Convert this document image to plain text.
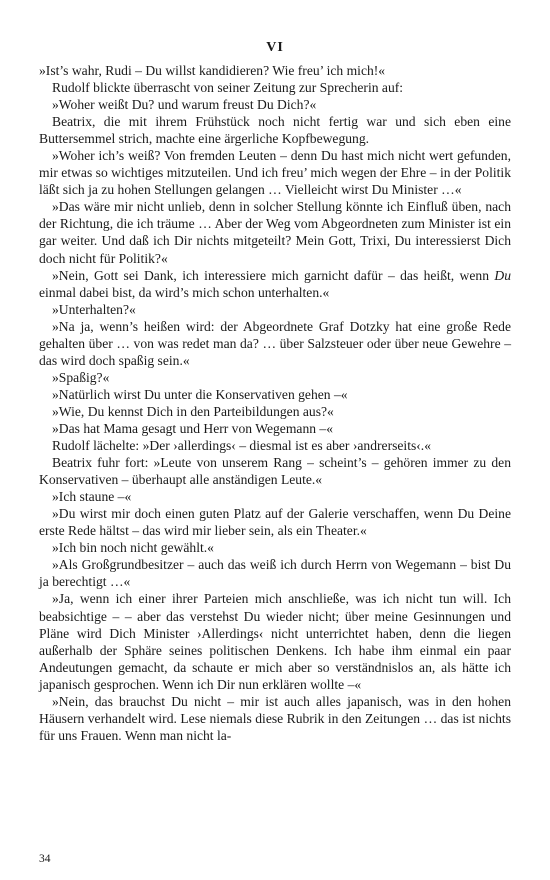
VI

»Ist’s wahr, Rudi – Du willst kandidieren? Wie freu’ ich mich!«

Rudolf blickte überrascht von seiner Zeitung zur Sprecherin auf:

»Woher weißt Du? und warum freust Du Dich?«

Beatrix, die mit ihrem Frühstück noch nicht fertig war und sich eben eine Buttersemmel strich, machte eine ärgerliche Kopfbewegung.

»Woher ich’s weiß? Von fremden Leuten – denn Du hast mich nicht wert gefunden, mir etwas so wichtiges mitzuteilen. Und ich freu’ mich wegen der Ehre – in der Politik läßt sich ja zu hohen Stellungen gelangen … Vielleicht wirst Du Minister …«

»Das wäre mir nicht unlieb, denn in solcher Stellung könnte ich Einfluß üben, nach der Richtung, die ich träume … Aber der Weg vom Abgeordneten zum Minister ist ein gar weiter. Und daß ich Dir nichts mitgeteilt? Mein Gott, Trixi, Du interessierst Dich doch nicht für Politik?«

»Nein, Gott sei Dank, ich interessiere mich garnicht dafür – das heißt, wenn Du einmal dabei bist, da wird’s mich schon unterhalten.«

»Unterhalten?«

»Na ja, wenn’s heißen wird: der Abgeordnete Graf Dotzky hat eine große Rede gehalten über … von was redet man da? … über Salzsteuer oder über neue Gewehre – das wird doch spaßig sein.«

»Spaßig?«

»Natürlich wirst Du unter die Konservativen gehen –«

»Wie, Du kennst Dich in den Parteibildungen aus?«

»Das hat Mama gesagt und Herr von Wegemann –«

Rudolf lächelte: »Der ›allerdings‹ – diesmal ist es aber ›andrerseits‹.«

Beatrix fuhr fort: »Leute von unserem Rang – scheint’s – gehören immer zu den Konservativen – überhaupt alle anständigen Leute.«

»Ich staune –«

»Du wirst mir doch einen guten Platz auf der Galerie verschaffen, wenn Du Deine erste Rede hältst – das wird mir lieber sein, als ein Theater.«

»Ich bin noch nicht gewählt.«

»Als Großgrundbesitzer – auch das weiß ich durch Herrn von Wegemann – bist Du ja berechtigt …«

»Ja, wenn ich einer ihrer Parteien mich anschließe, was ich nicht tun will. Ich beabsichtige – – aber das verstehst Du wieder nicht; über meine Gesinnungen und Pläne wird Dich Minister ›Allerdings‹ nicht unterrichtet haben, denn die liegen außerhalb der Sphäre seines politischen Denkens. Ich habe ihm einmal ein paar Andeutungen gemacht, da schaute er mich aber so verständnislos an, als hätte ich japanisch gesprochen. Wenn ich Dir nun erklären wollte –«

»Nein, das brauchst Du nicht – mir ist auch alles japanisch, was in den hohen Häusern verhandelt wird. Lese niemals diese Rubrik in den Zeitungen … das ist nichts für uns Frauen. Wenn man nicht la-

34
